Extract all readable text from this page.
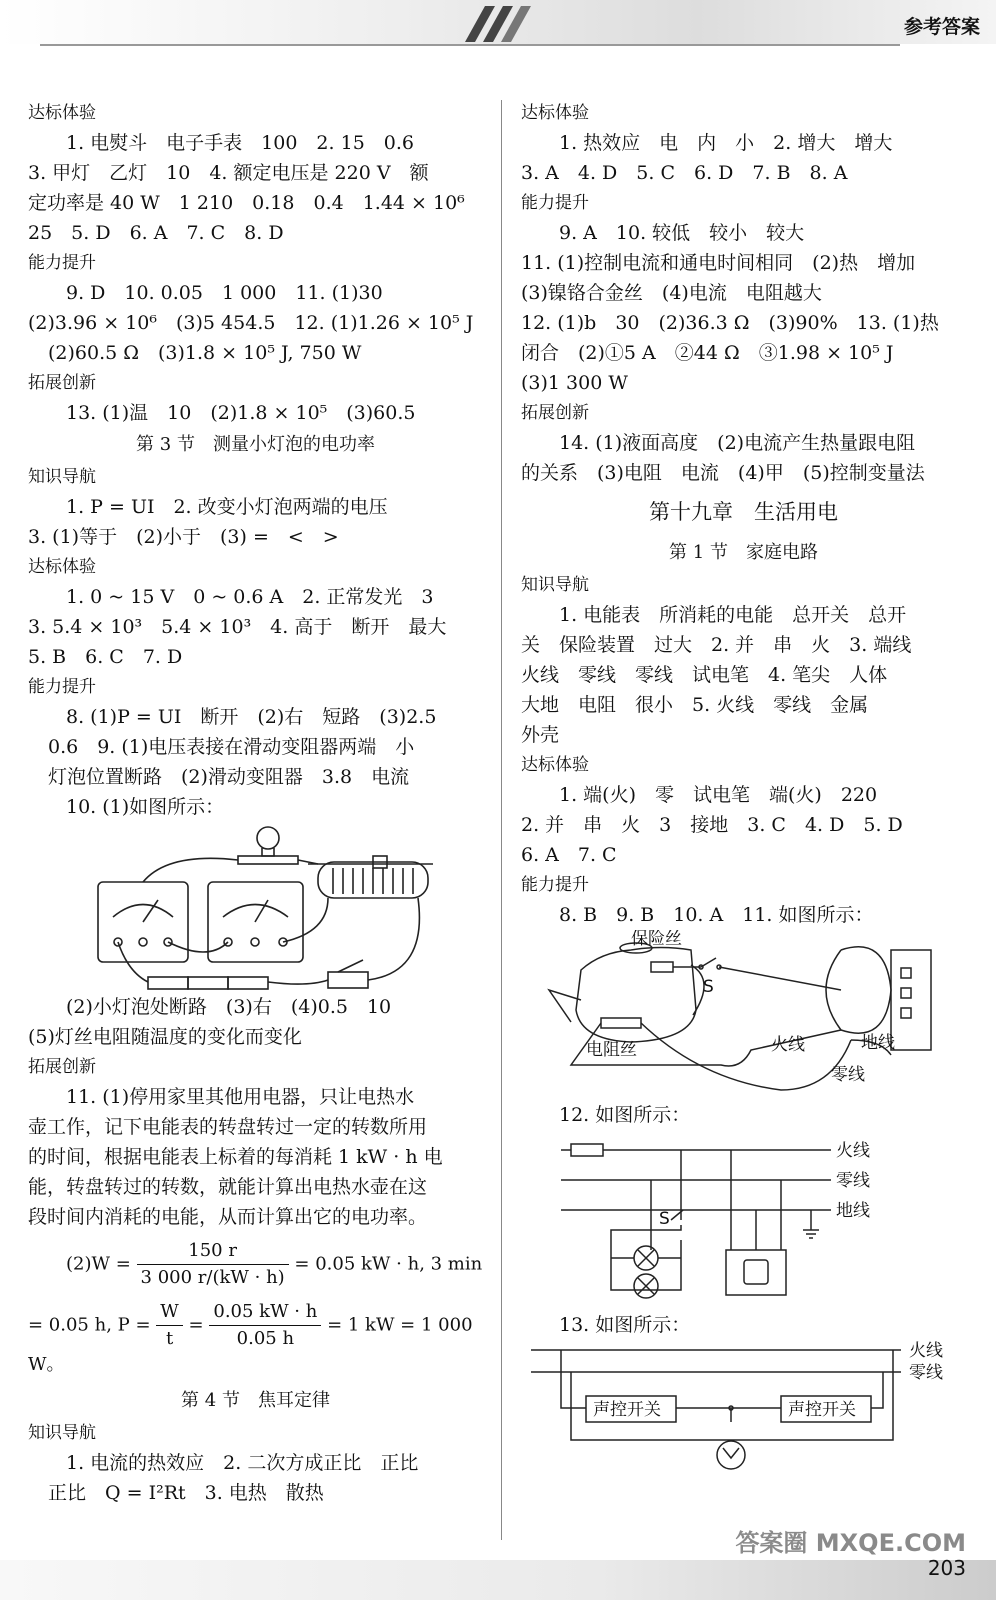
参考答案
达标体验
1. 电熨斗　电子手表　100　2. 15　0.6
3. 甲灯　乙灯　10　4. 额定电压是 220 V　额
定功率是 40 W　1 210　0.18　0.4　1.44 × 10⁶
25　5. D　6. A　7. C　8. D
能力提升
9. D　10. 0.05　1 000　11. (1)30
(2)3.96 × 10⁶　(3)5 454.5　12. (1)1.26 × 10⁵ J
(2)60.5 Ω　(3)1.8 × 10⁵ J, 750 W
拓展创新
13. (1)温　10　(2)1.8 × 10⁵　(3)60.5
第 3 节　测量小灯泡的电功率
知识导航
1. P = UI　2. 改变小灯泡两端的电压
3. (1)等于　(2)小于　(3) =　<　>
达标体验
1. 0 ~ 15 V　0 ~ 0.6 A　2. 正常发光　3
3. 5.4 × 10³　5.4 × 10³　4. 高于　断开　最大
5. B　6. C　7. D
能力提升
8. (1)P = UI　断开　(2)右　短路　(3)2.5
0.6　9. (1)电压表接在滑动变阻器两端　小
灯泡位置断路　(2)滑动变阻器　3.8　电流
10. (1)如图所示：
(2)小灯泡处断路　(3)右　(4)0.5　10
(5)灯丝电阻随温度的变化而变化
拓展创新
11. (1)停用家里其他用电器，只让电热水
壶工作，记下电能表的转盘转过一定的转数所用
的时间，根据电能表上标着的每消耗 1 kW · h 电
能，转盘转过的转数，就能计算出电热水壶在这
段时间内消耗的电能，从而计算出它的电功率。
$(2)W = \frac{150 r}{3 000 r/(kW \cdot h)} = 0.05$ kW · h, 3 min
= 0.05 h, $P = \frac{W}{t} = \frac{0.05 kW \cdot h}{0.05 h} = 1$ kW = 1 000 W。
第 4 节　焦耳定律
知识导航
1. 电流的热效应　2. 二次方成正比　正比
正比　Q = I²Rt　3. 电热　散热
达标体验
1. 热效应　电　内　小　2. 增大　增大
3. A　4. D　5. C　6. D　7. B　8. A
能力提升
9. A　10. 较低　较小　较大
11. (1)控制电流和通电时间相同　(2)热　增加
(3)镍铬合金丝　(4)电流　电阻越大
12. (1)b　30　(2)36.3 Ω　(3)90%　13. (1)热
闭合　(2)①5 A　②44 Ω　③1.98 × 10⁵ J
(3)1 300 W
拓展创新
14. (1)液面高度　(2)电流产生热量跟电阻
的关系　(3)电阻　电流　(4)甲　(5)控制变量法
第十九章　生活用电
第 1 节　家庭电路
知识导航
1. 电能表　所消耗的电能　总开关　总开
关　保险装置　过大　2. 并　串　火　3. 端线
火线　零线　零线　试电笔　4. 笔尖　人体
大地　电阻　很小　5. 火线　零线　金属
外壳
达标体验
1. 端(火)　零　试电笔　端(火)　220
2. 并　串　火　3　接地　3. C　4. D　5. D
6. A　7. C
能力提升
8. B　9. B　10. A　11. 如图所示：
保险丝
S
电阻丝	火线	地线
零线
12. 如图所示：
火线
零线
地线
S
13. 如图所示：
火线
零线
声控开关	声控开关
答案圈 MXQE.COM
203
